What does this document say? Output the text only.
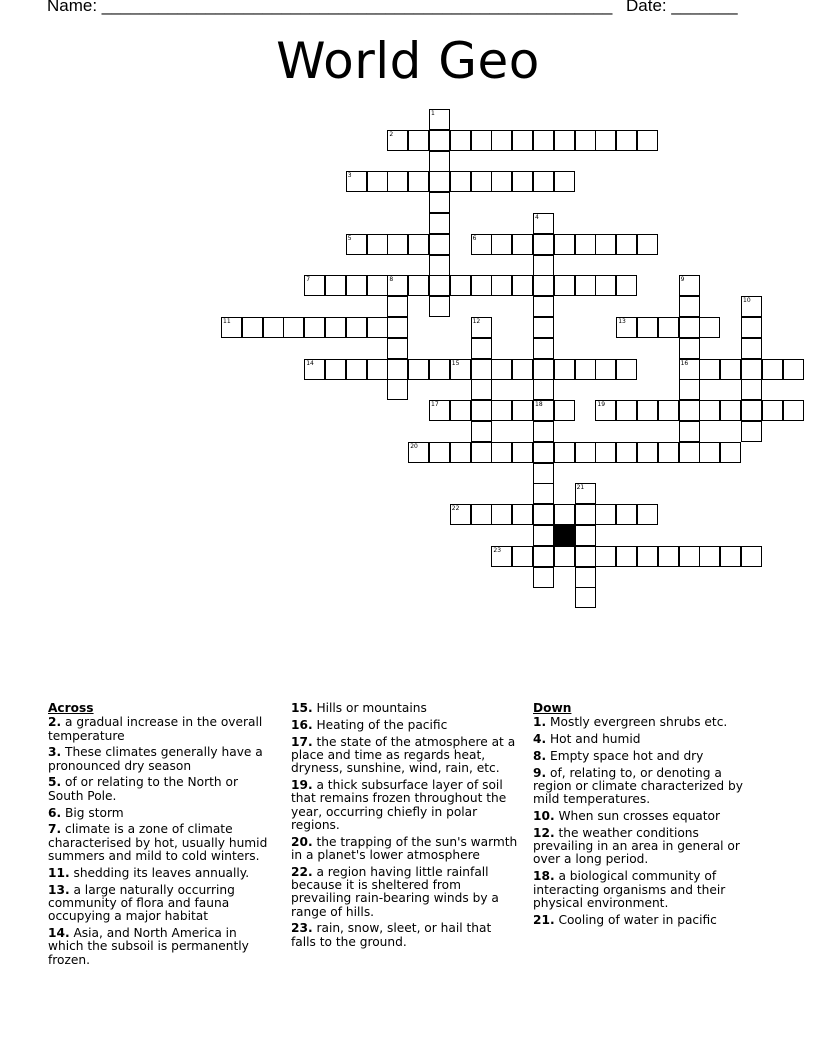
Name: ______________________________________________________ Date: _______
World Geo
1
2
3
4
5	6
7	8	9
16
10
11	12	13
14	15
17	18	19
20
21
22
23
Across
2. a gradual increase in the overall temperature
3. These climates generally have a pronounced dry season
5. of or relating to the North or South Pole.
6. Big storm
7. climate is a zone of climate characterised by hot, usually humid summers and mild to cold winters.
11. shedding its leaves annually.
13. a large naturally occurring community of flora and fauna occupying a major habitat
14. Asia, and North America in which the subsoil is permanently frozen.
15. Hills or mountains
16. Heating of the pacific
17. the state of the atmosphere at a place and time as regards heat, dryness, sunshine, wind, rain, etc.
19. a thick subsurface layer of soil that remains frozen throughout the year, occurring chiefly in polar regions.
20. the trapping of the sun's warmth in a planet's lower atmosphere
22. a region having little rainfall because it is sheltered from prevailing rain-bearing winds by a range of hills.
23. rain, snow, sleet, or hail that falls to the ground.
Down
1. Mostly evergreen shrubs etc.
4. Hot and humid
8. Empty space hot and dry
9. of, relating to, or denoting a region or climate characterized by mild temperatures.
10. When sun crosses equator
12. the weather conditions prevailing in an area in general or over a long period.
18. a biological community of interacting organisms and their physical environment.
21. Cooling of water in pacific
